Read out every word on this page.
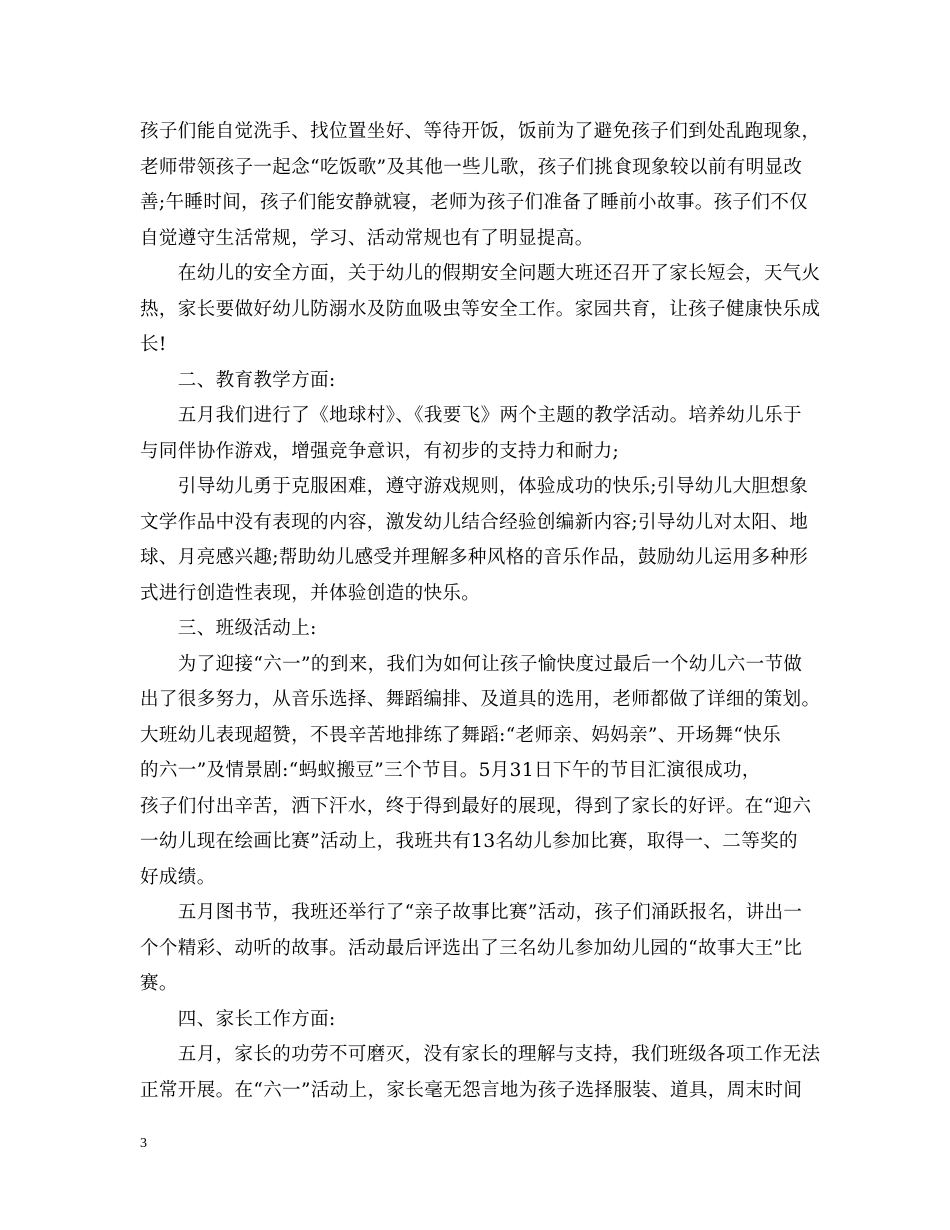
孩子们能自觉洗手、找位置坐好、等待开饭，饭前为了避免孩子们到处乱跑现象，
老师带领孩子一起念“吃饭歌”及其他一些儿歌，孩子们挑食现象较以前有明显改
善;午睡时间，孩子们能安静就寝，老师为孩子们准备了睡前小故事。孩子们不仅
自觉遵守生活常规，学习、活动常规也有了明显提高。
　　在幼儿的安全方面，关于幼儿的假期安全问题大班还召开了家长短会，天气火
热，家长要做好幼儿防溺水及防血吸虫等安全工作。家园共育，让孩子健康快乐成
长!
　　二、教育教学方面:
　　五月我们进行了《地球村》、《我要飞》两个主题的教学活动。培养幼儿乐于
与同伴协作游戏，增强竞争意识，有初步的支持力和耐力;
　　引导幼儿勇于克服困难，遵守游戏规则，体验成功的快乐;引导幼儿大胆想象
文学作品中没有表现的内容，激发幼儿结合经验创编新内容;引导幼儿对太阳、地
球、月亮感兴趣;帮助幼儿感受并理解多种风格的音乐作品，鼓励幼儿运用多种形
式进行创造性表现，并体验创造的快乐。
　　三、班级活动上:
　　为了迎接“六一”的到来，我们为如何让孩子愉快度过最后一个幼儿六一节做
出了很多努力，从音乐选择、舞蹈编排、及道具的选用，老师都做了详细的策划。
大班幼儿表现超赞，不畏辛苦地排练了舞蹈:“老师亲、妈妈亲”、开场舞“快乐
的六一”及情景剧:“蚂蚁搬豆”三个节目。5月31日下午的节目汇演很成功，
孩子们付出辛苦，洒下汗水，终于得到最好的展现，得到了家长的好评。在“迎六
一幼儿现在绘画比赛”活动上，我班共有13名幼儿参加比赛，取得一、二等奖的
好成绩。
　　五月图书节，我班还举行了“亲子故事比赛”活动，孩子们涌跃报名，讲出一
个个精彩、动听的故事。活动最后评选出了三名幼儿参加幼儿园的“故事大王”比
赛。
　　四、家长工作方面:
　　五月，家长的功劳不可磨灭，没有家长的理解与支持，我们班级各项工作无法
正常开展。在“六一”活动上，家长毫无怨言地为孩子选择服装、道具，周末时间
3
